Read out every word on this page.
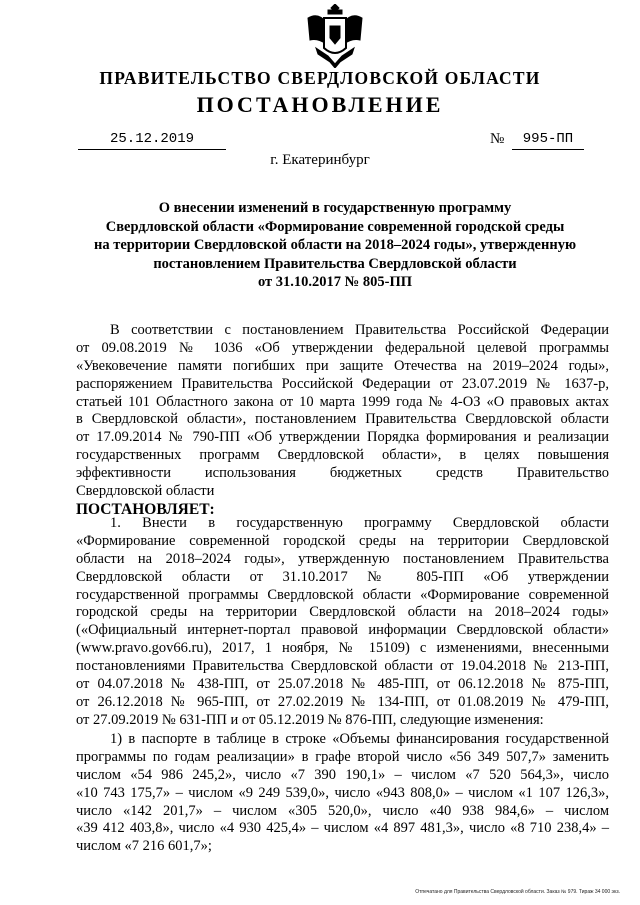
ПРАВИТЕЛЬСТВО СВЕРДЛОВСКОЙ ОБЛАСТИ
ПОСТАНОВЛЕНИЕ
25.12.2019	№	995-ПП
г. Екатеринбург
О внесении изменений в государственную программу
Свердловской области «Формирование современной городской среды
на территории Свердловской области на 2018–2024 годы», утвержденную
постановлением Правительства Свердловской области
от 31.10.2017 № 805-ПП
В соответствии с постановлением Правительства Российской Федерации
от 09.08.2019 № 1036 «Об утверждении федеральной целевой программы
«Увековечение памяти погибших при защите Отечества на 2019–2024 годы»,
распоряжением Правительства Российской Федерации от 23.07.2019 № 1637-р,
статьей 101 Областного закона от 10 марта 1999 года № 4-ОЗ «О правовых актах
в Свердловской области», постановлением Правительства Свердловской области
от 17.09.2014 № 790-ПП «Об утверждении Порядка формирования и реализации
государственных программ Свердловской области», в целях повышения
эффективности использования бюджетных средств Правительство
Свердловской области
ПОСТАНОВЛЯЕТ:
1. Внести в государственную программу Свердловской области
«Формирование современной городской среды на территории Свердловской
области на 2018–2024 годы», утвержденную постановлением Правительства
Свердловской области от 31.10.2017 № 805-ПП «Об утверждении
государственной программы Свердловской области «Формирование современной
городской среды на территории Свердловской области на 2018–2024 годы»
(«Официальный интернет-портал правовой информации Свердловской области»
(www.pravo.gov66.ru), 2017, 1 ноября, № 15109) с изменениями, внесенными
постановлениями Правительства Свердловской области от 19.04.2018 № 213-ПП,
от 04.07.2018 № 438-ПП, от 25.07.2018 № 485-ПП, от 06.12.2018 № 875-ПП,
от 26.12.2018 № 965-ПП, от 27.02.2019 № 134-ПП, от 01.08.2019 № 479-ПП,
от 27.09.2019 № 631-ПП и от 05.12.2019 № 876-ПП, следующие изменения:
1) в паспорте в таблице в строке «Объемы финансирования государственной
программы по годам реализации» в графе второй число «56 349 507,7» заменить
числом «54 986 245,2», число «7 390 190,1» – числом «7 520 564,3», число
«10 743 175,7» – числом «9 249 539,0», число «943 808,0» – числом «1 107 126,3»,
число «142 201,7» – числом «305 520,0», число «40 938 984,6» – числом
«39 412 403,8», число «4 930 425,4» – числом «4 897 481,3», число «8 710 238,4» –
числом «7 216 601,7»;
Отпечатано для Правительства Свердловской области. Заказ № 979. Тираж 34 000 экз.
